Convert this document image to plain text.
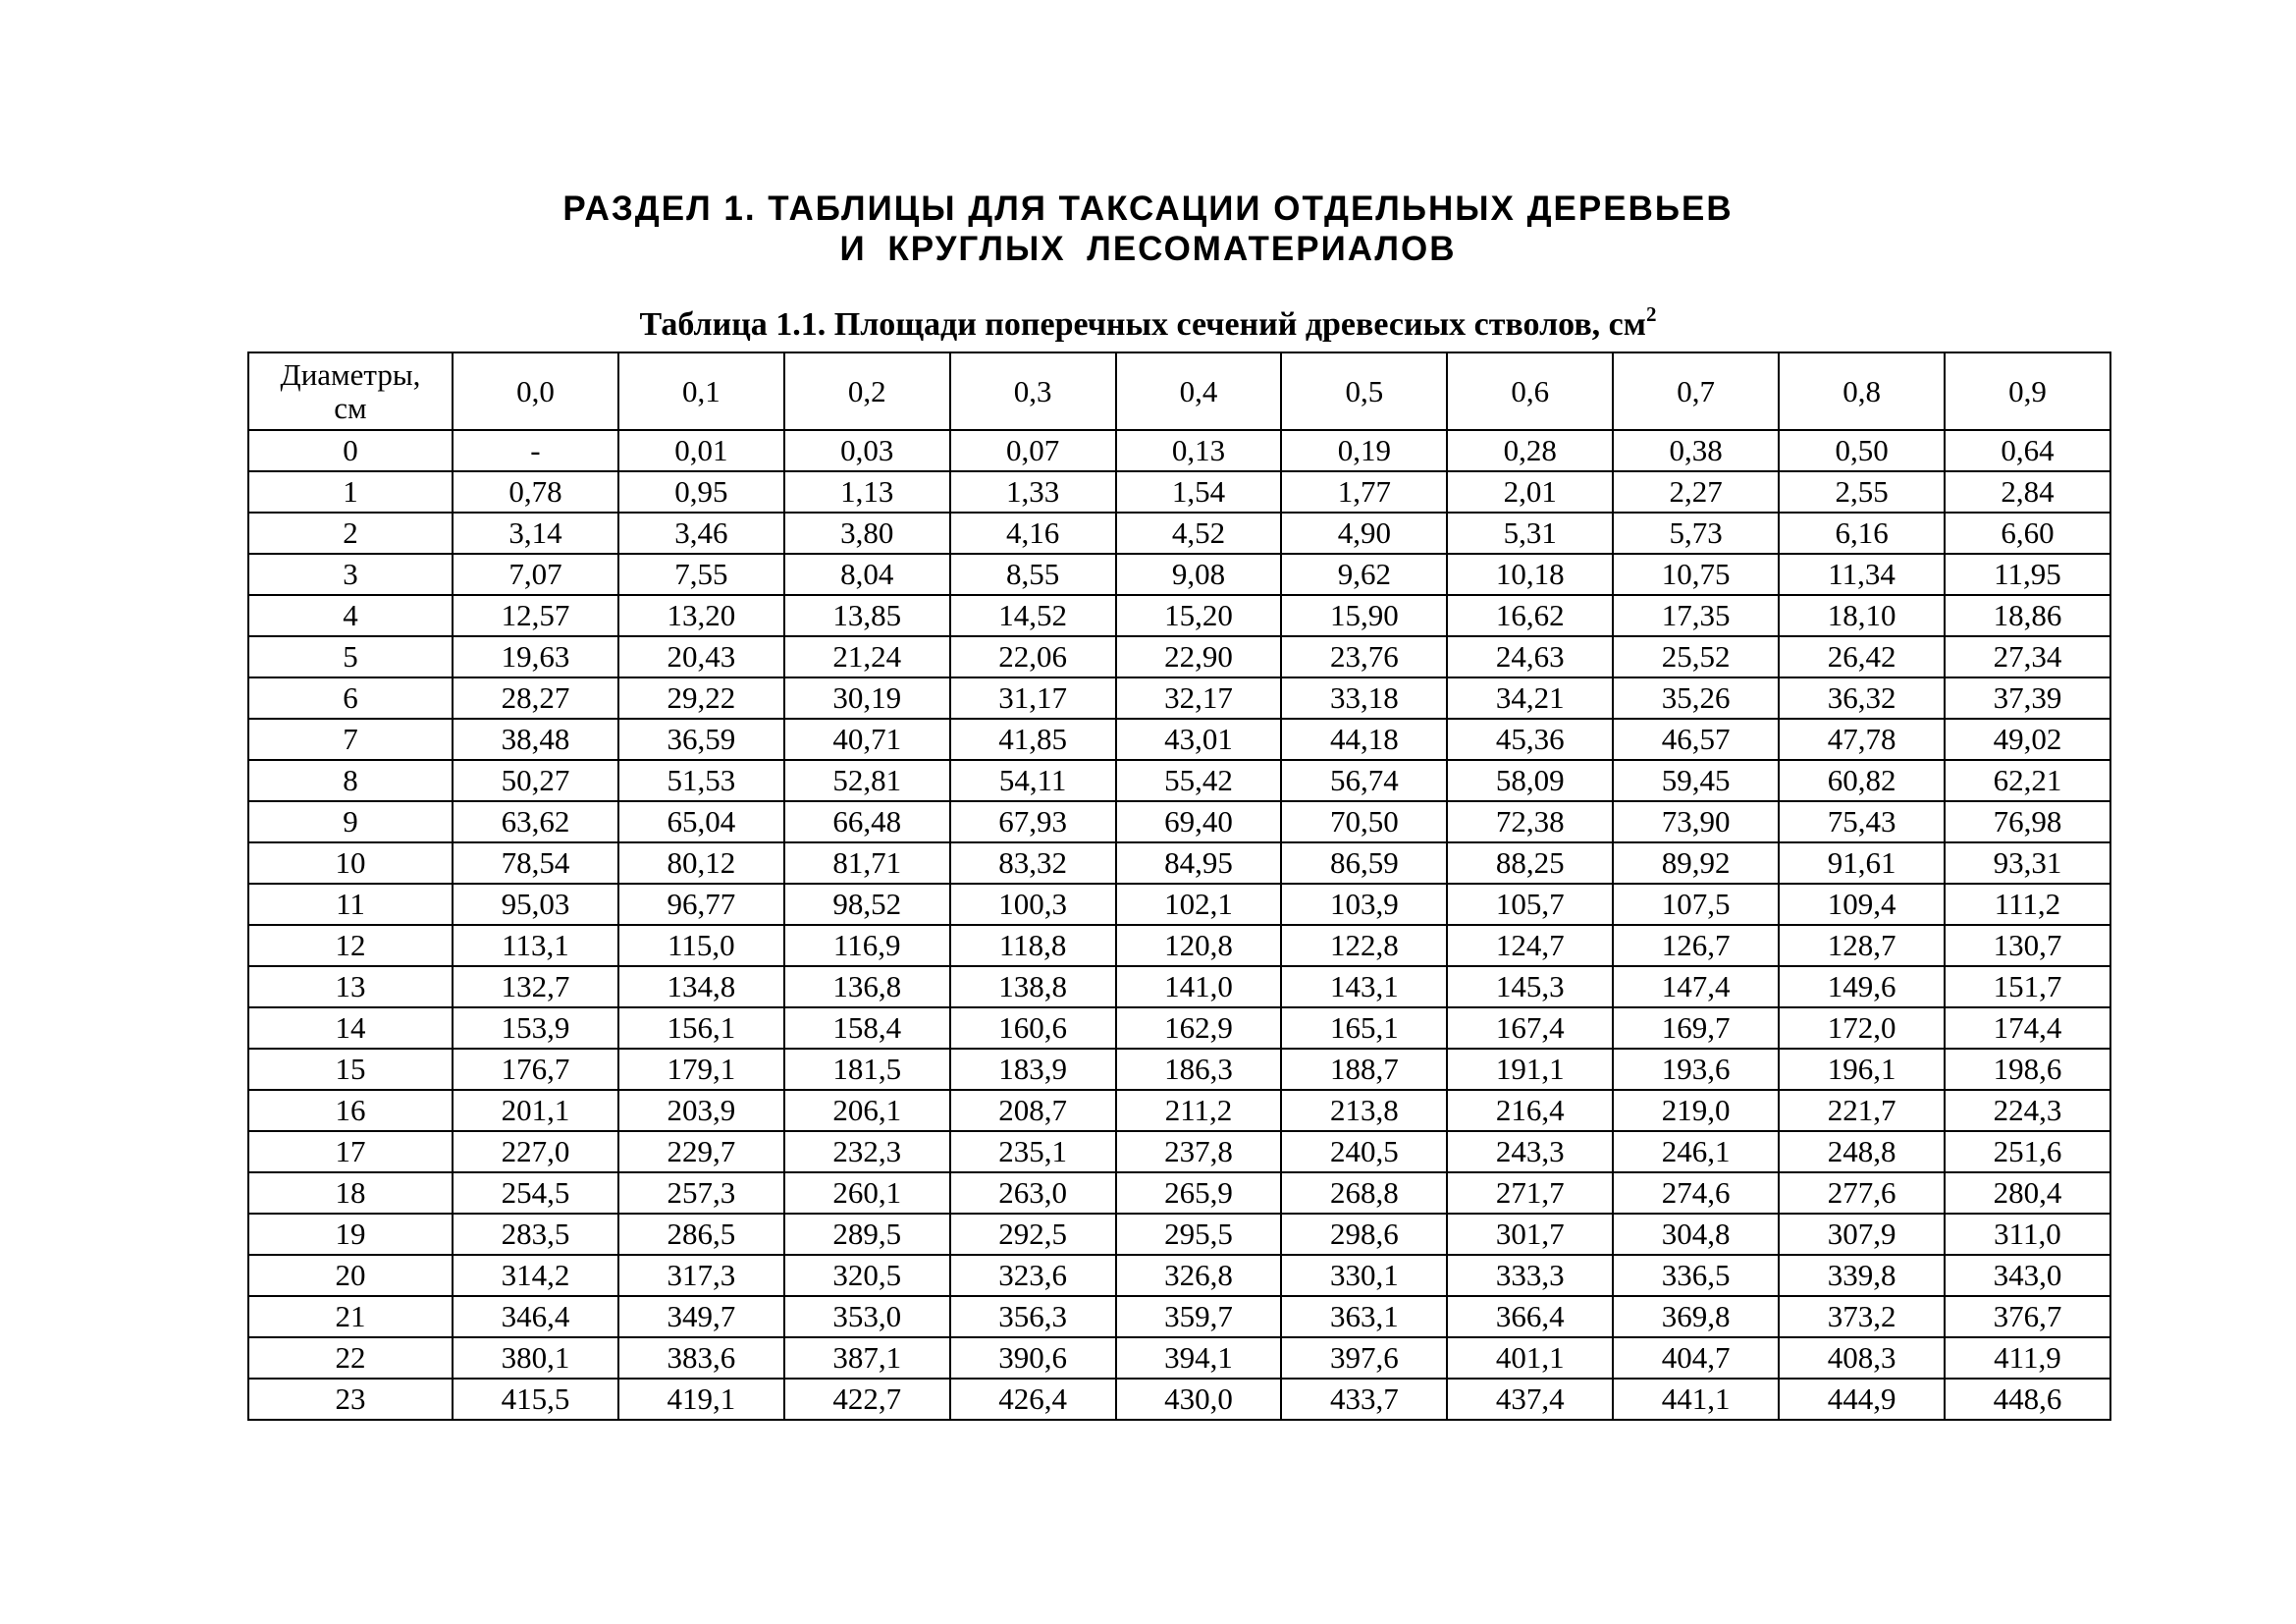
РАЗДЕЛ 1. ТАБЛИЦЫ ДЛЯ ТАКСАЦИИ ОТДЕЛЬНЫХ ДЕРЕВЬЕВ
И КРУГЛЫХ ЛЕСОМАТЕРИАЛОВ
Таблица 1.1. Площади поперечных сечений древесиых стволов, $см^2$
Диаметры,
см	0,0	0,1	0,2	0,3	0,4	0,5	0,6	0,7	0,8	0,9
0	-	0,01	0,03	0,07	0,13	0,19	0,28	0,38	0,50	0,64
1	0,78	0,95	1,13	1,33	1,54	1,77	2,01	2,27	2,55	2,84
2	3,14	3,46	3,80	4,16	4,52	4,90	5,31	5,73	6,16	6,60
3	7,07	7,55	8,04	8,55	9,08	9,62	10,18	10,75	11,34	11,95
4	12,57	13,20	13,85	14,52	15,20	15,90	16,62	17,35	18,10	18,86
5	19,63	20,43	21,24	22,06	22,90	23,76	24,63	25,52	26,42	27,34
6	28,27	29,22	30,19	31,17	32,17	33,18	34,21	35,26	36,32	37,39
7	38,48	36,59	40,71	41,85	43,01	44,18	45,36	46,57	47,78	49,02
8	50,27	51,53	52,81	54,11	55,42	56,74	58,09	59,45	60,82	62,21
9	63,62	65,04	66,48	67,93	69,40	70,50	72,38	73,90	75,43	76,98
10	78,54	80,12	81,71	83,32	84,95	86,59	88,25	89,92	91,61	93,31
11	95,03	96,77	98,52	100,3	102,1	103,9	105,7	107,5	109,4	111,2
12	113,1	115,0	116,9	118,8	120,8	122,8	124,7	126,7	128,7	130,7
13	132,7	134,8	136,8	138,8	141,0	143,1	145,3	147,4	149,6	151,7
14	153,9	156,1	158,4	160,6	162,9	165,1	167,4	169,7	172,0	174,4
15	176,7	179,1	181,5	183,9	186,3	188,7	191,1	193,6	196,1	198,6
16	201,1	203,9	206,1	208,7	211,2	213,8	216,4	219,0	221,7	224,3
17	227,0	229,7	232,3	235,1	237,8	240,5	243,3	246,1	248,8	251,6
18	254,5	257,3	260,1	263,0	265,9	268,8	271,7	274,6	277,6	280,4
19	283,5	286,5	289,5	292,5	295,5	298,6	301,7	304,8	307,9	311,0
20	314,2	317,3	320,5	323,6	326,8	330,1	333,3	336,5	339,8	343,0
21	346,4	349,7	353,0	356,3	359,7	363,1	366,4	369,8	373,2	376,7
22	380,1	383,6	387,1	390,6	394,1	397,6	401,1	404,7	408,3	411,9
23	415,5	419,1	422,7	426,4	430,0	433,7	437,4	441,1	444,9	448,6
